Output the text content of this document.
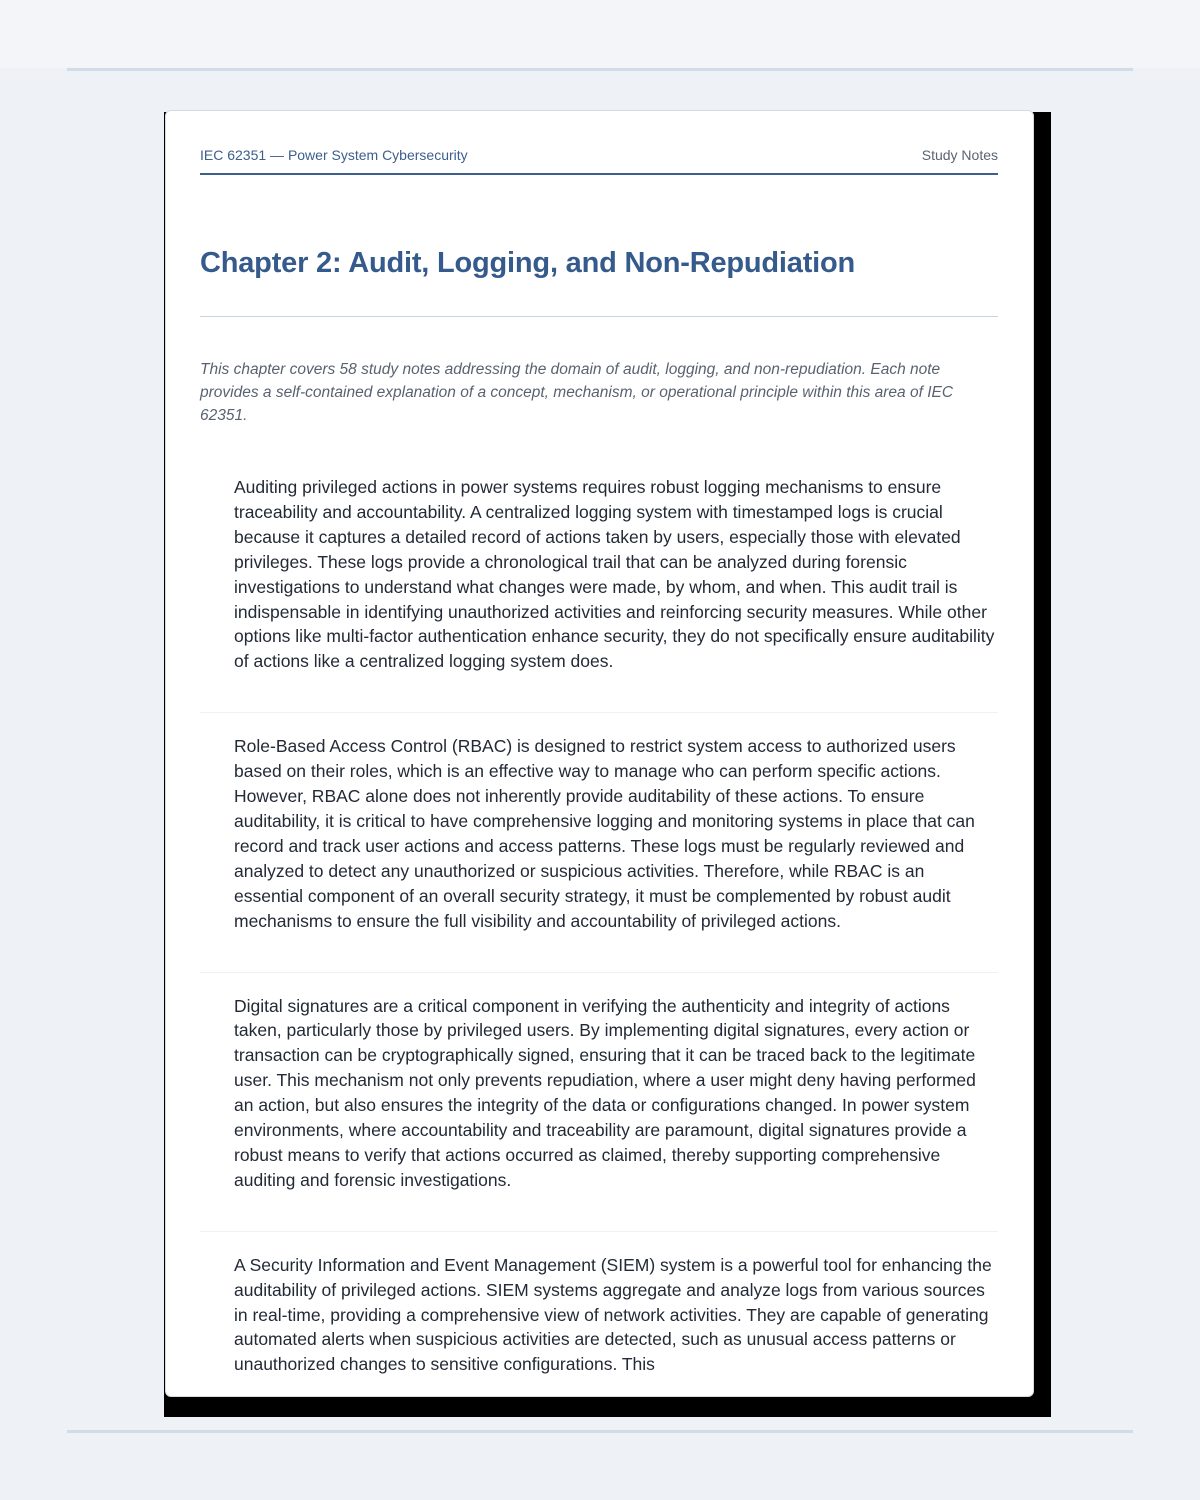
IEC 62351 — Power System Cybersecurity	Study Notes
Chapter 2: Audit, Logging, and Non-Repudiation

This chapter covers 58 study notes addressing the domain of audit, logging, and non-repudiation. Each note provides a self-contained explanation of a concept, mechanism, or operational principle within this area of IEC 62351.

Auditing privileged actions in power systems requires robust logging mechanisms to ensure traceability and accountability. A centralized logging system with timestamped logs is crucial because it captures a detailed record of actions taken by users, especially those with elevated privileges. These logs provide a chronological trail that can be analyzed during forensic investigations to understand what changes were made, by whom, and when. This audit trail is indispensable in identifying unauthorized activities and reinforcing security measures. While other options like multi-factor authentication enhance security, they do not specifically ensure auditability of actions like a centralized logging system does.

Role-Based Access Control (RBAC) is designed to restrict system access to authorized users based on their roles, which is an effective way to manage who can perform specific actions. However, RBAC alone does not inherently provide auditability of these actions. To ensure auditability, it is critical to have comprehensive logging and monitoring systems in place that can record and track user actions and access patterns. These logs must be regularly reviewed and analyzed to detect any unauthorized or suspicious activities. Therefore, while RBAC is an essential component of an overall security strategy, it must be complemented by robust audit mechanisms to ensure the full visibility and accountability of privileged actions.

Digital signatures are a critical component in verifying the authenticity and integrity of actions taken, particularly those by privileged users. By implementing digital signatures, every action or transaction can be cryptographically signed, ensuring that it can be traced back to the legitimate user. This mechanism not only prevents repudiation, where a user might deny having performed an action, but also ensures the integrity of the data or configurations changed. In power system environments, where accountability and traceability are paramount, digital signatures provide a robust means to verify that actions occurred as claimed, thereby supporting comprehensive auditing and forensic investigations.

A Security Information and Event Management (SIEM) system is a powerful tool for enhancing the auditability of privileged actions. SIEM systems aggregate and analyze logs from various sources in real-time, providing a comprehensive view of network activities. They are capable of generating automated alerts when suspicious activities are detected, such as unusual access patterns or unauthorized changes to sensitive configurations. This
